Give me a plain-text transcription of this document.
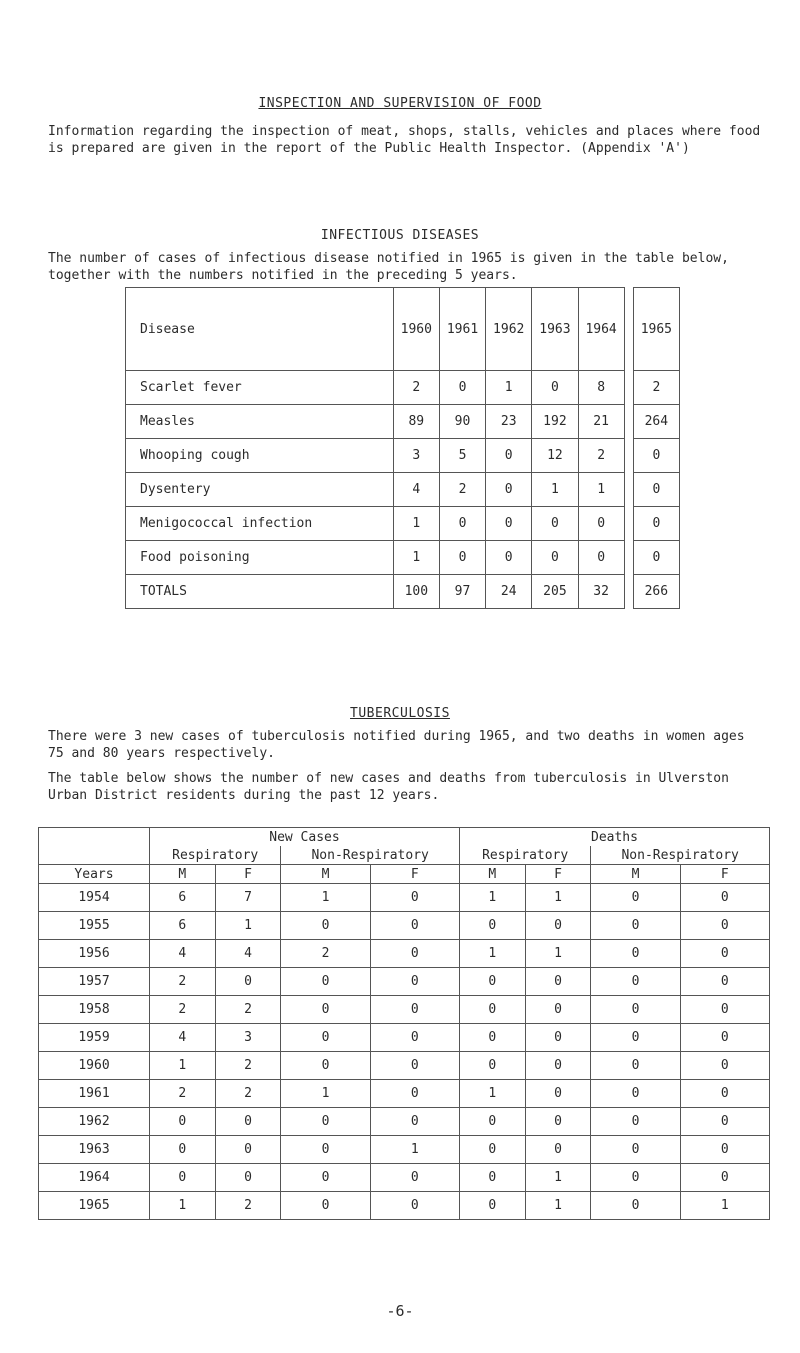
INSPECTION AND SUPERVISION OF FOOD
Information regarding the inspection of meat, shops, stalls, vehicles and places where food is prepared are given in the report of the Public Health Inspector. (Appendix 'A')
INFECTIOUS DISEASES
The number of cases of infectious disease notified in 1965 is given in the table below, together with the numbers notified in the preceding 5 years.
Disease	1960	1961	1962	1963	1964		1965
Scarlet fever	2	0	1	0	8		2
Measles	89	90	23	192	21		264
Whooping cough	3	5	0	12	2		0
Dysentery	4	2	0	1	1		0
Menigococcal infection	1	0	0	0	0		0
Food poisoning	1	0	0	0	0		0
TOTALS	100	97	24	205	32		266
TUBERCULOSIS
There were 3 new cases of tuberculosis notified during 1965, and two deaths in women ages 75 and 80 years respectively.
The table below shows the number of new cases and deaths from tuberculosis in Ulverston Urban District residents during the past 12 years.
	New Cases				Deaths			
	Respiratory		Non-Respiratory		Respiratory		Non-Respiratory	
Years	M	F	M	F	M	F	M	F
1954	6	7	1	0	1	1	0	0
1955	6	1	0	0	0	0	0	0
1956	4	4	2	0	1	1	0	0
1957	2	0	0	0	0	0	0	0
1958	2	2	0	0	0	0	0	0
1959	4	3	0	0	0	0	0	0
1960	1	2	0	0	0	0	0	0
1961	2	2	1	0	1	0	0	0
1962	0	0	0	0	0	0	0	0
1963	0	0	0	1	0	0	0	0
1964	0	0	0	0	0	1	0	0
1965	1	2	0	0	0	1	0	1
-6-
